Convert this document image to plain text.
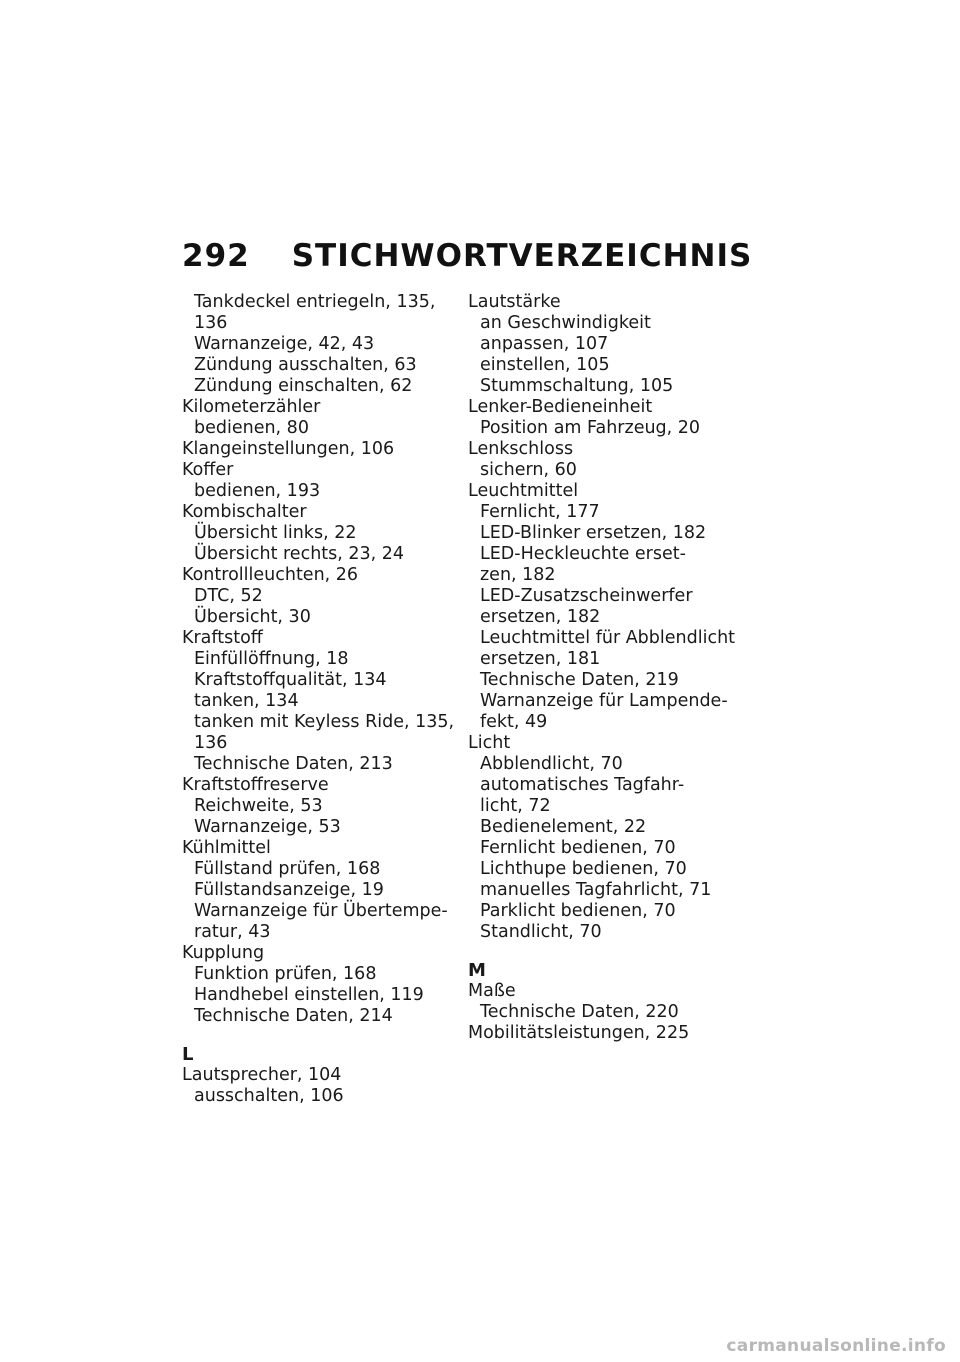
292 STICHWORTVERZEICHNIS
Tankdeckel entriegeln, 135,
136
Warnanzeige, 42, 43
Zündung ausschalten, 63
Zündung einschalten, 62
Kilometerzähler
bedienen, 80
Klangeinstellungen, 106
Koffer
bedienen, 193
Kombischalter
Übersicht links, 22
Übersicht rechts, 23, 24
Kontrollleuchten, 26
DTC, 52
Übersicht, 30
Kraftstoff
Einfüllöffnung, 18
Kraftstoffqualität, 134
tanken, 134
tanken mit Keyless Ride, 135,
136
Technische Daten, 213
Kraftstoffreserve
Reichweite, 53
Warnanzeige, 53
Kühlmittel
Füllstand prüfen, 168
Füllstandsanzeige, 19
Warnanzeige für Übertempe-
ratur, 43
Kupplung
Funktion prüfen, 168
Handhebel einstellen, 119
Technische Daten, 214
L
Lautsprecher, 104
ausschalten, 106
Lautstärke
an Geschwindigkeit
anpassen, 107
einstellen, 105
Stummschaltung, 105
Lenker-Bedieneinheit
Position am Fahrzeug, 20
Lenkschloss
sichern, 60
Leuchtmittel
Fernlicht, 177
LED-Blinker ersetzen, 182
LED-Heckleuchte erset-
zen, 182
LED-Zusatzscheinwerfer
ersetzen, 182
Leuchtmittel für Abblendlicht
ersetzen, 181
Technische Daten, 219
Warnanzeige für Lampende-
fekt, 49
Licht
Abblendlicht, 70
automatisches Tagfahr-
licht, 72
Bedienelement, 22
Fernlicht bedienen, 70
Lichthupe bedienen, 70
manuelles Tagfahrlicht, 71
Parklicht bedienen, 70
Standlicht, 70
M
Maße
Technische Daten, 220
Mobilitätsleistungen, 225
carmanualsonline.info
